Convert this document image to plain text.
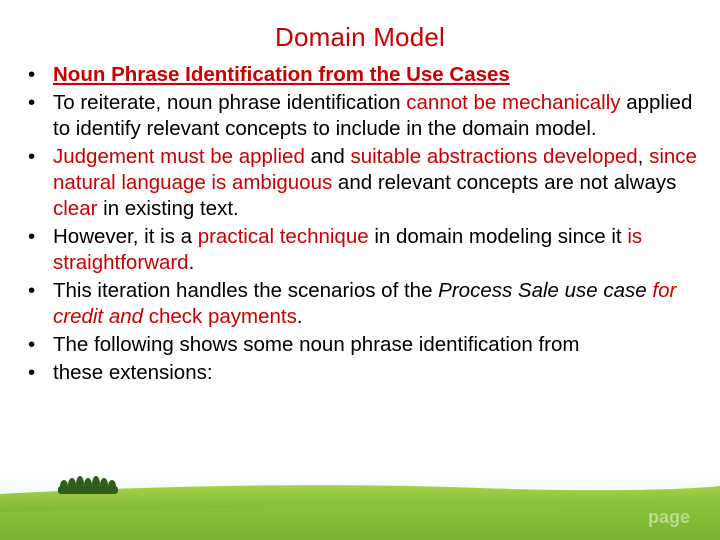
Domain Model
• Noun Phrase Identification from the Use Cases
• To reiterate, noun phrase identification cannot be mechanically applied to identify relevant concepts to include in the domain model.
• Judgement must be applied and suitable abstractions developed, since natural language is ambiguous and relevant concepts are not always clear in existing text.
• However, it is a practical technique in domain modeling since it is straightforward.
• This iteration handles the scenarios of the Process Sale use case for credit and check payments.
• The following shows some noun phrase identification from
• these extensions:
page
